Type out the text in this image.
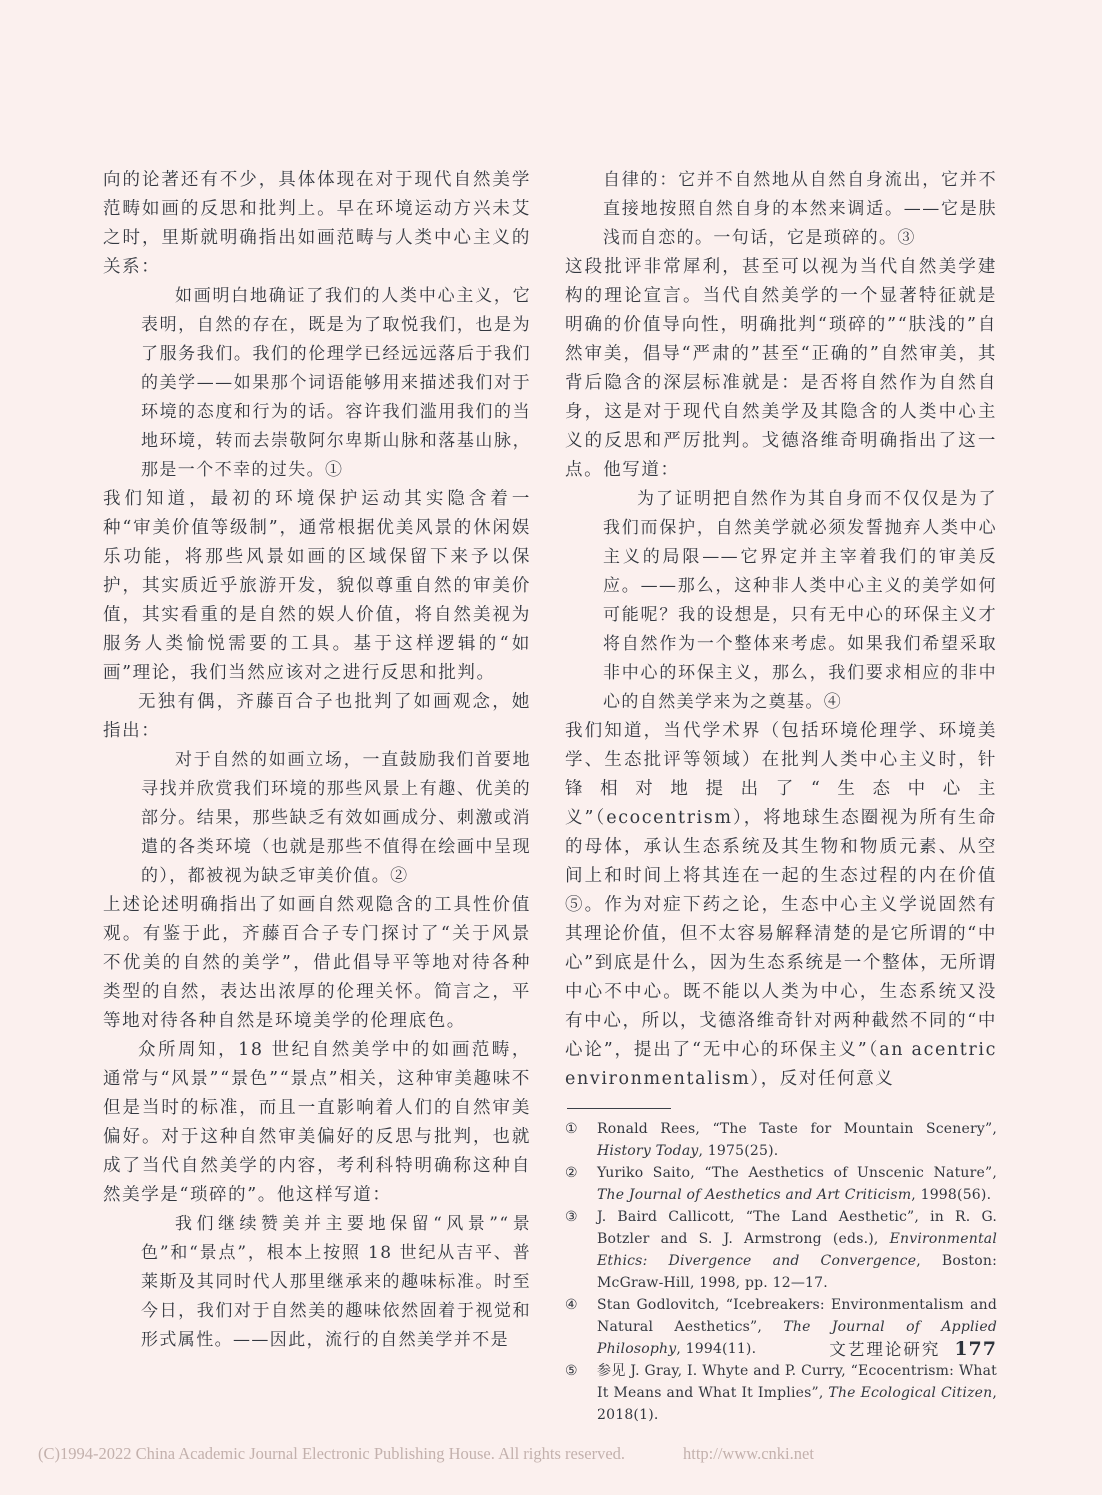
向的论著还有不少，具体体现在对于现代自然美学范畴如画的反思和批判上。早在环境运动方兴未艾之时，里斯就明确指出如画范畴与人类中心主义的关系：

如画明白地确证了我们的人类中心主义，它表明，自然的存在，既是为了取悦我们，也是为了服务我们。我们的伦理学已经远远落后于我们的美学——如果那个词语能够用来描述我们对于环境的态度和行为的话。容许我们滥用我们的当地环境，转而去崇敬阿尔卑斯山脉和落基山脉，那是一个不幸的过失。①

我们知道，最初的环境保护运动其实隐含着一种“审美价值等级制”，通常根据优美风景的休闲娱乐功能，将那些风景如画的区域保留下来予以保护，其实质近乎旅游开发，貌似尊重自然的审美价值，其实看重的是自然的娱人价值，将自然美视为服务人类愉悦需要的工具。基于这样逻辑的“如画”理论，我们当然应该对之进行反思和批判。

无独有偶，齐藤百合子也批判了如画观念，她指出：

对于自然的如画立场，一直鼓励我们首要地寻找并欣赏我们环境的那些风景上有趣、优美的部分。结果，那些缺乏有效如画成分、刺激或消遣的各类环境（也就是那些不值得在绘画中呈现的），都被视为缺乏审美价值。②

上述论述明确指出了如画自然观隐含的工具性价值观。有鉴于此，齐藤百合子专门探讨了“关于风景不优美的自然的美学”，借此倡导平等地对待各种类型的自然，表达出浓厚的伦理关怀。简言之，平等地对待各种自然是环境美学的伦理底色。

众所周知，18 世纪自然美学中的如画范畴，通常与“风景”“景色”“景点”相关，这种审美趣味不但是当时的标准，而且一直影响着人们的自然审美偏好。对于这种自然审美偏好的反思与批判，也就成了当代自然美学的内容，考利科特明确称这种自然美学是“琐碎的”。他这样写道：

我们继续赞美并主要地保留“风景”“景色”和“景点”，根本上按照 18 世纪从吉平、普莱斯及其同时代人那里继承来的趣味标准。时至今日，我们对于自然美的趣味依然固着于视觉和形式属性。——因此，流行的自然美学并不是
自律的：它并不自然地从自然自身流出，它并不直接地按照自然自身的本然来调适。——它是肤浅而自恋的。一句话，它是琐碎的。③

这段批评非常犀利，甚至可以视为当代自然美学建构的理论宣言。当代自然美学的一个显著特征就是明确的价值导向性，明确批判“琐碎的”“肤浅的”自然审美，倡导“严肃的”甚至“正确的”自然审美，其背后隐含的深层标准就是：是否将自然作为自然自身，这是对于现代自然美学及其隐含的人类中心主义的反思和严厉批判。戈德洛维奇明确指出了这一点。他写道：

为了证明把自然作为其自身而不仅仅是为了我们而保护，自然美学就必须发誓抛弃人类中心主义的局限——它界定并主宰着我们的审美反应。——那么，这种非人类中心主义的美学如何可能呢？我的设想是，只有无中心的环保主义才将自然作为一个整体来考虑。如果我们希望采取非中心的环保主义，那么，我们要求相应的非中心的自然美学来为之奠基。④

我们知道，当代学术界（包括环境伦理学、环境美学、生态批评等领域）在批判人类中心主义时，针锋相对地提出了“生态中心主义”（ecocentrism），将地球生态圈视为所有生命的母体，承认生态系统及其生物和物质元素、从空间上和时间上将其连在一起的生态过程的内在价值⑤。作为对症下药之论，生态中心主义学说固然有其理论价值，但不太容易解释清楚的是它所谓的“中心”到底是什么，因为生态系统是一个整体，无所谓中心不中心。既不能以人类为中心，生态系统又没有中心，所以，戈德洛维奇针对两种截然不同的“中心论”，提出了“无中心的环保主义”（an acentric environmentalism），反对任何意义

①	Ronald Rees, “The Taste for Mountain Scenery”, History Today, 1975(25).
②	Yuriko Saito, “The Aesthetics of Unscenic Nature”, The Journal of Aesthetics and Art Criticism, 1998(56).
③	J. Baird Callicott, “The Land Aesthetic”, in R. G. Botzler and S. J. Armstrong (eds.), Environmental Ethics: Divergence and Convergence, Boston: McGraw-Hill, 1998, pp. 12—17.
④	Stan Godlovitch, “Icebreakers: Environmentalism and Natural Aesthetics”, The Journal of Applied Philosophy, 1994(11).
⑤	参见 J. Gray, I. Whyte and P. Curry, “Ecocentrism: What It Means and What It Implies”, The Ecological Citizen, 2018(1).
文艺理论研究 177
(C)1994-2022 China Academic Journal Electronic Publishing House. All rights reserved.	http://www.cnki.net
